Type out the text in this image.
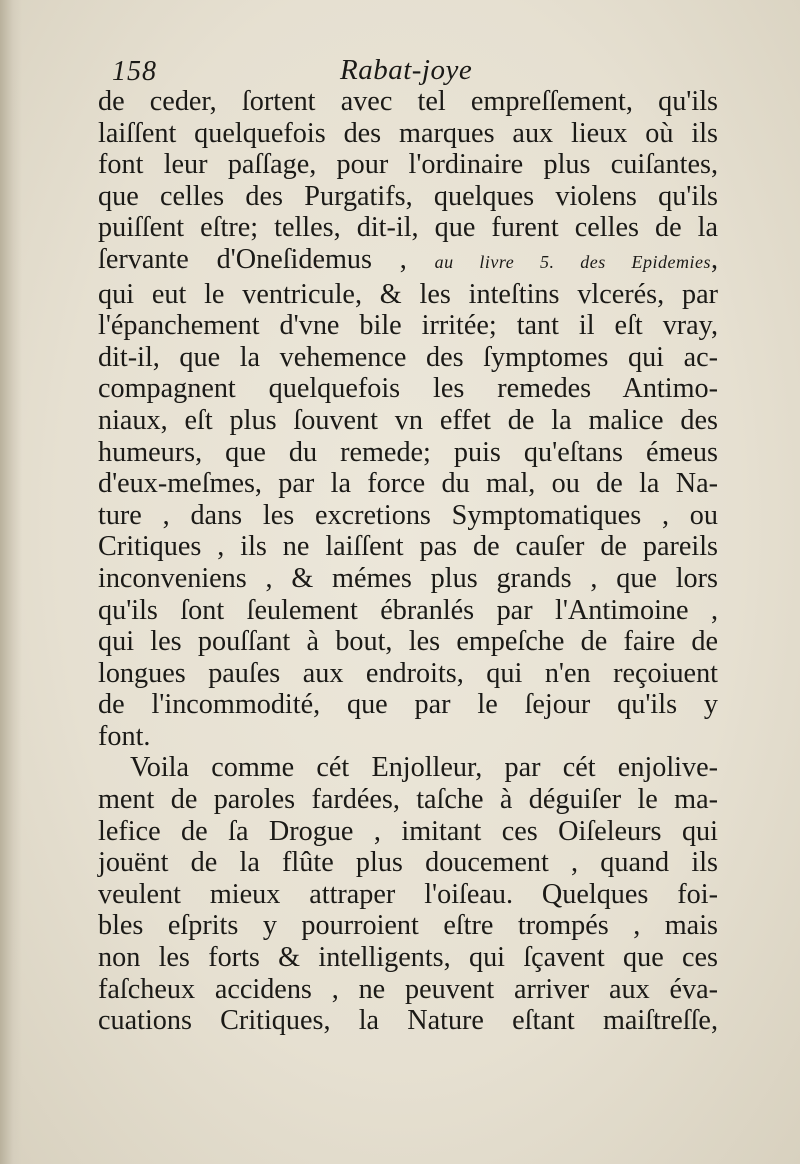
158	Rabat-joye

de ceder, ſortent avec tel empreſſement, qu'ils
laiſſent quelquefois des marques aux lieux où ils
font leur paſſage, pour l'ordinaire plus cuiſantes,
que celles des Purgatifs, quelques violens qu'ils
puiſſent eſtre; telles, dit-il, que furent celles de la
ſervante d'Oneſidemus , au livre 5. des Epidemies,
qui eut le ventricule, & les inteſtins vlcerés, par
l'épanchement d'vne bile irritée; tant il eſt vray,
dit-il, que la vehemence des ſymptomes qui ac-
compagnent quelquefois les remedes Antimo-
niaux, eſt plus ſouvent vn effet de la malice des
humeurs, que du remede; puis qu'eſtans émeus
d'eux-meſmes, par la force du mal, ou de la Na-
ture , dans les excretions Symptomatiques , ou
Critiques , ils ne laiſſent pas de cauſer de pareils
inconveniens , & mémes plus grands , que lors
qu'ils ſont ſeulement ébranlés par l'Antimoine ,
qui les pouſſant à bout, les empeſche de faire de
longues pauſes aux endroits, qui n'en reçoiuent
de l'incommodité, que par le ſejour qu'ils y
font.

Voila comme cét Enjolleur, par cét enjolive-
ment de paroles fardées, taſche à déguiſer le ma-
lefice de ſa Drogue , imitant ces Oiſeleurs qui
jouënt de la flûte plus doucement , quand ils
veulent mieux attraper l'oiſeau. Quelques foi-
bles eſprits y pourroient eſtre trompés , mais
non les forts & intelligents, qui ſçavent que ces
faſcheux accidens , ne peuvent arriver aux éva-
cuations Critiques, la Nature eſtant maiſtreſſe,
